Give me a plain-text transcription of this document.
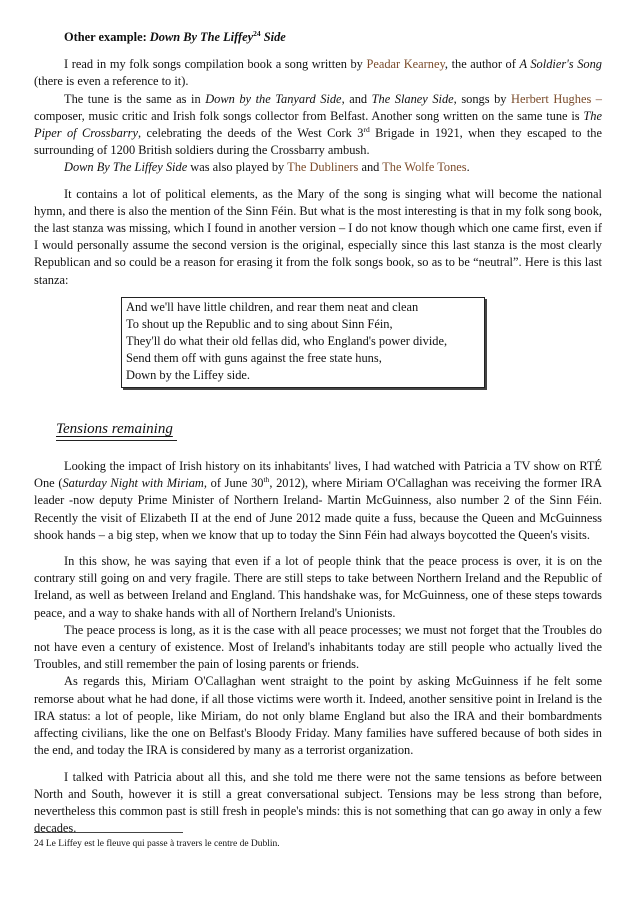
Other example: Down By The Liffey$^{24}$ Side

I read in my folk songs compilation book a song written by Peadar Kearney, the author of A Soldier's Song (there is even a reference to it).

The tune is the same as in Down by the Tanyard Side, and The Slaney Side, songs by Herbert Hughes – composer, music critic and Irish folk songs collector from Belfast. Another song written on the same tune is The Piper of Crossbarry, celebrating the deeds of the West Cork 3rd Brigade in 1921, when they escaped to the surrounding of 1200 British soldiers during the Crossbarry ambush.

Down By The Liffey Side was also played by The Dubliners and The Wolfe Tones.

It contains a lot of political elements, as the Mary of the song is singing what will become the national hymn, and there is also the mention of the Sinn Féin. But what is the most interesting is that in my folk song book, the last stanza was missing, which I found in another version – I do not know though which one came first, even if I would personally assume the second version is the original, especially since this last stanza is the most clearly Republican and so could be a reason for erasing it from the folk songs book, so as to be “neutral”. Here is this last stanza:

And we'll have little children, and rear them neat and clean
To shout up the Republic and to sing about Sinn Féin,
They'll do what their old fellas did, who England's power divide,
Send them off with guns against the free state huns,
Down by the Liffey side.
Tensions remaining

Looking the impact of Irish history on its inhabitants' lives, I had watched with Patricia a TV show on RTÉ One (Saturday Night with Miriam, of June 30th, 2012), where Miriam O'Callaghan was receiving the former IRA leader -now deputy Prime Minister of Northern Ireland- Martin McGuinness, also number 2 of the Sinn Féin. Recently the visit of Elizabeth II at the end of June 2012 made quite a fuss, because the Queen and McGuinness shook hands – a big step, when we know that up to today the Sinn Féin had always boycotted the Queen's visits.

In this show, he was saying that even if a lot of people think that the peace process is over, it is on the contrary still going on and very fragile. There are still steps to take between Northern Ireland and the Republic of Ireland, as well as between Ireland and England. This handshake was, for McGuinness, one of these steps towards peace, and a way to shake hands with all of Northern Ireland's Unionists.

The peace process is long, as it is the case with all peace processes; we must not forget that the Troubles do not have even a century of existence. Most of Ireland's inhabitants today are still people who actually lived the Troubles, and still remember the pain of losing parents or friends.

As regards this, Miriam O'Callaghan went straight to the point by asking McGuinness if he felt some remorse about what he had done, if all those victims were worth it. Indeed, another sensitive point in Ireland is the IRA status: a lot of people, like Miriam, do not only blame England but also the IRA and their bombardments affecting civilians, like the one on Belfast's Bloody Friday. Many families have suffered because of both sides in the end, and today the IRA is considered by many as a terrorist organization.

I talked with Patricia about all this, and she told me there were not the same tensions as before between North and South, however it is still a great conversational subject. Tensions may be less strong than before, nevertheless this common past is still fresh in people's minds: this is not something that can go away in only a few decades.

24 Le Liffey est le fleuve qui passe à travers le centre de Dublin.
